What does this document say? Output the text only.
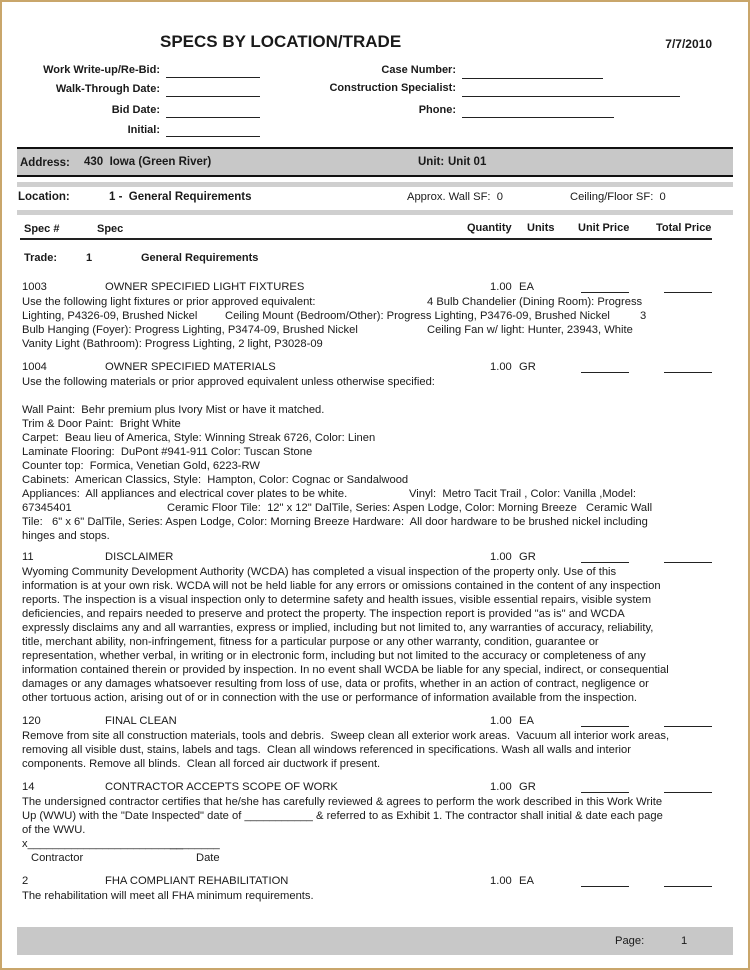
SPECS BY LOCATION/TRADE	7/7/2010
Work Write-up/Re-Bid:
Walk-Through Date:
Bid Date:
Initial:
Case Number:
Construction Specialist:
Phone:
Address: 430  Iowa (Green River)	Unit: Unit 01
Location:	1 -  General Requirements	Approx. Wall SF:  0	Ceiling/Floor SF:  0
Spec #	Spec	Quantity Units Unit Price Total Price
Trade:	1	General Requirements
1003	OWNER SPECIFIED LIGHT FIXTURES	1.00 EA
Use the following light fixtures or prior approved equivalent:	4 Bulb Chandelier (Dining Room): Progress
Lighting, P4326-09, Brushed Nickel Ceiling Mount (Bedroom/Other): Progress Lighting, P3476-09, Brushed Nickel	3
Bulb Hanging (Foyer): Progress Lighting, P3474-09, Brushed Nickel	Ceiling Fan w/ light: Hunter, 23943, White
Vanity Light (Bathroom): Progress Lighting, 2 light, P3028-09
1004	OWNER SPECIFIED MATERIALS	1.00 GR
Use the following materials or prior approved equivalent unless otherwise specified:
Wall Paint:  Behr premium plus Ivory Mist or have it matched.
Trim & Door Paint:  Bright White
Carpet:  Beau lieu of America, Style: Winning Streak 6726, Color: Linen
Laminate Flooring:  DuPont #941-911 Color: Tuscan Stone
Counter top:  Formica, Venetian Gold, 6223-RW
Cabinets:  American Classics, Style:  Hampton, Color: Cognac or Sandalwood
Appliances:  All appliances and electrical cover plates to be white.	Vinyl:  Metro Tacit Trail , Color: Vanilla ,Model:
67345401	Ceramic Floor Tile:  12" x 12" DalTile, Series: Aspen Lodge, Color: Morning Breeze Ceramic Wall
Tile:   6" x 6" DalTile, Series: Aspen Lodge, Color: Morning Breeze Hardware:  All door hardware to be brushed nickel including
hinges and stops.
11	DISCLAIMER	1.00 GR
Wyoming Community Development Authority (WCDA) has completed a visual inspection of the property only. Use of this
information is at your own risk. WCDA will not be held liable for any errors or omissions contained in the content of any inspection
reports. The inspection is a visual inspection only to determine safety and health issues, visible essential repairs, visible system
deficiencies, and repairs needed to preserve and protect the property. The inspection report is provided "as is" and WCDA
expressly disclaims any and all warranties, express or implied, including but not limited to, any warranties of accuracy, reliability,
title, merchant ability, non-infringement, fitness for a particular purpose or any other warranty, condition, guarantee or
representation, whether verbal, in writing or in electronic form, including but not limited to the accuracy or completeness of any
information contained therein or provided by inspection. In no event shall WCDA be liable for any special, indirect, or consequential
damages or any damages whatsoever resulting from loss of use, data or profits, whether in an action of contract, negligence or
other tortuous action, arising out of or in connection with the use or performance of information available from the inspection.
120	FINAL CLEAN	1.00 EA
Remove from site all construction materials, tools and debris.  Sweep clean all exterior work areas.  Vacuum all interior work areas,
removing all visible dust, stains, labels and tags.  Clean all windows referenced in specifications. Wash all walls and interior
components. Remove all blinds.  Clean all forced air ductwork if present.
14	CONTRACTOR ACCEPTS SCOPE OF WORK	1.00 GR
The undersigned contractor certifies that he/she has carefully reviewed & agrees to perform the work described in this Work Write
Up (WWU) with the "Date Inspected" date of ___________ & referred to as Exhibit 1. The contractor shall initial & date each page
of the WWU.
x_________________________
________
Contractor	Date
2	FHA COMPLIANT REHABILITATION	1.00 EA
The rehabilitation will meet all FHA minimum requirements.
Page:	1
